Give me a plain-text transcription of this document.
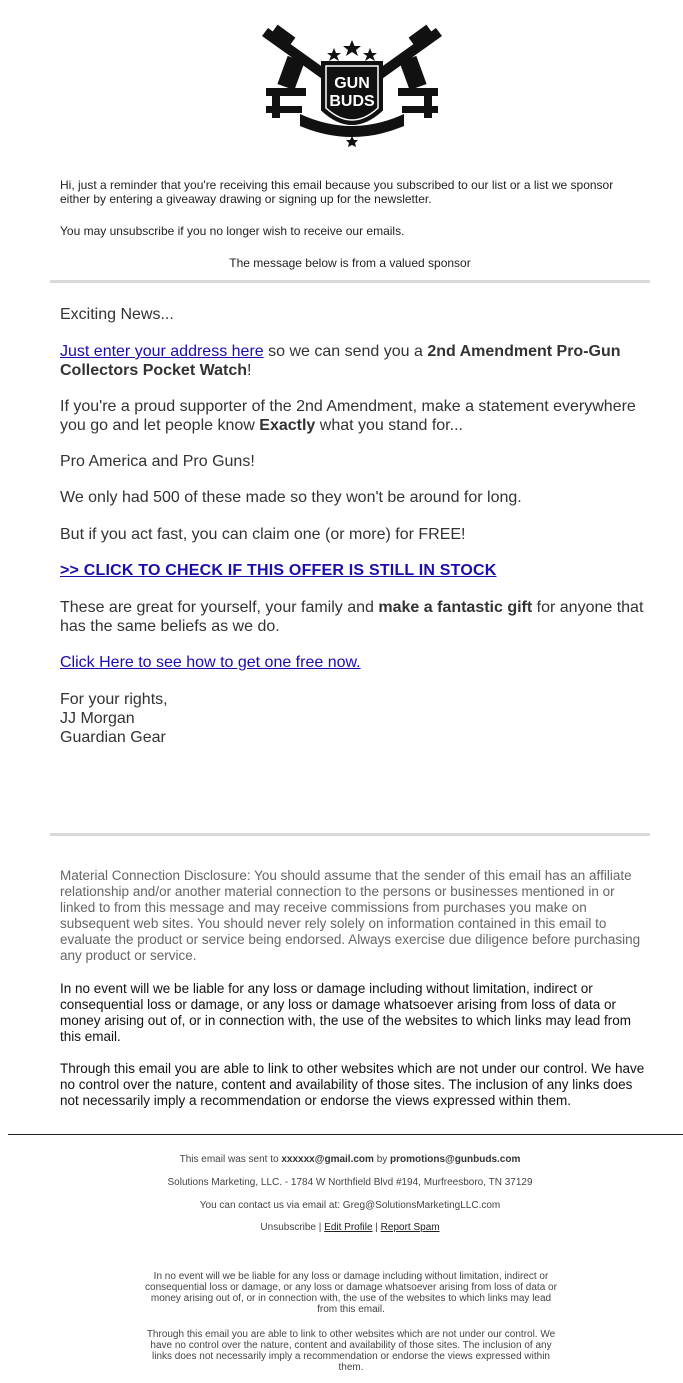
GUN
BUDS
Hi, just a reminder that you're receiving this email because you subscribed to our list or a list we sponsor either by entering a giveaway drawing or signing up for the newsletter.
You may unsubscribe if you no longer wish to receive our emails.
The message below is from a valued sponsor
Exciting News...
Just enter your address here so we can send you a 2nd Amendment Pro-Gun Collectors Pocket Watch!
If you're a proud supporter of the 2nd Amendment, make a statement everywhere you go and let people know Exactly what you stand for...
Pro America and Pro Guns!
We only had 500 of these made so they won't be around for long.
But if you act fast, you can claim one (or more) for FREE!
>> CLICK TO CHECK IF THIS OFFER IS STILL IN STOCK
These are great for yourself, your family and make a fantastic gift for anyone that has the same beliefs as we do.
Click Here to see how to get one free now.
For your rights,
JJ Morgan
Guardian Gear
Material Connection Disclosure: You should assume that the sender of this email has an affiliate relationship and/or another material connection to the persons or businesses mentioned in or linked to from this message and may receive commissions from purchases you make on subsequent web sites. You should never rely solely on information contained in this email to evaluate the product or service being endorsed. Always exercise due diligence before purchasing any product or service.
In no event will we be liable for any loss or damage including without limitation, indirect or consequential loss or damage, or any loss or damage whatsoever arising from loss of data or money arising out of, or in connection with, the use of the websites to which links may lead from this email.
Through this email you are able to link to other websites which are not under our control. We have no control over the nature, content and availability of those sites. The inclusion of any links does not necessarily imply a recommendation or endorse the views expressed within them.
This email was sent to xxxxxx@gmail.com by promotions@gunbuds.com
Solutions Marketing, LLC. - 1784 W Northfield Blvd #194, Murfreesboro, TN 37129
You can contact us via email at: Greg@SolutionsMarketingLLC.com
Unsubscribe | Edit Profile | Report Spam
In no event will we be liable for any loss or damage including without limitation, indirect or consequential loss or damage, or any loss or damage whatsoever arising from loss of data or money arising out of, or in connection with, the use of the websites to which links may lead from this email.
Through this email you are able to link to other websites which are not under our control. We have no control over the nature, content and availability of those sites. The inclusion of any links does not necessarily imply a recommendation or endorse the views expressed within them.
